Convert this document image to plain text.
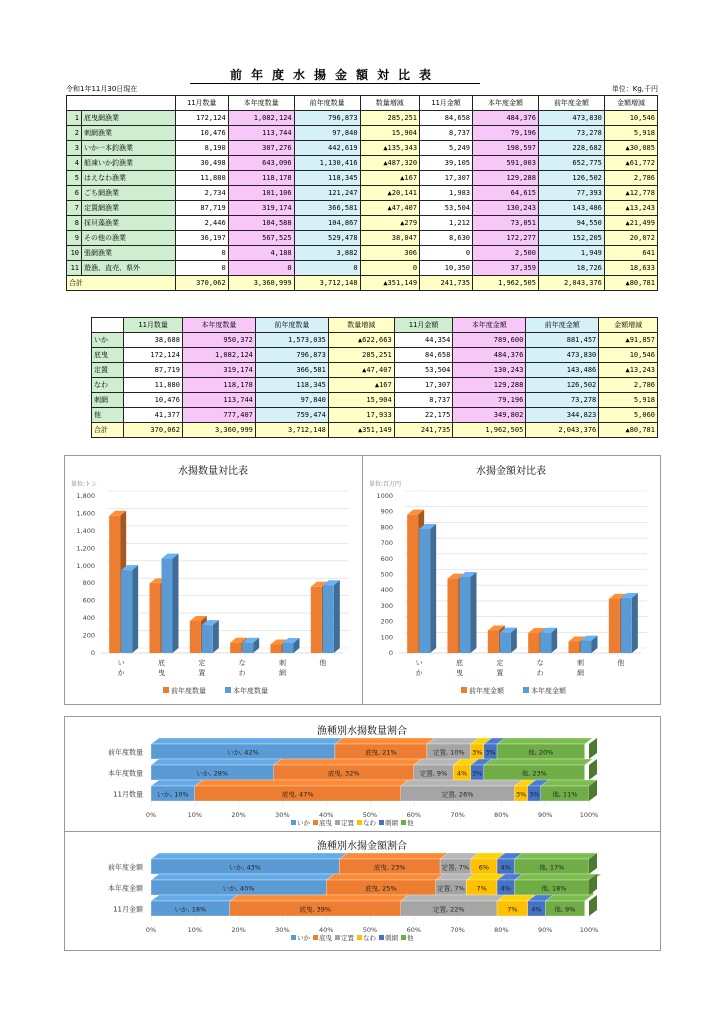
前年度水揚金額対比表
令和1年11月30日現在	単位：Kg,千円
		11月数量	本年度数量	前年度数量	数量増減	11月金額	本年度金額	前年度金額	金額増減
1	底曳網漁業	172,124	1,082,124	796,873	285,251	84,658	484,376	473,830	10,546
2	刺網漁業	10,476	113,744	97,840	15,904	8,737	79,196	73,278	5,918
3	いか一本釣漁業	8,190	307,276	442,619	▲135,343	5,249	198,597	228,682	▲30,085
4	船凍いか釣漁業	30,498	643,096	1,130,416	▲487,320	39,105	591,003	652,775	▲61,772
5	はえなわ漁業	11,880	118,178	118,345	▲167	17,307	129,288	126,502	2,786
6	ごち網漁業	2,734	101,106	121,247	▲20,141	1,983	64,615	77,393	▲12,778
7	定置網漁業	87,719	319,174	366,581	▲47,407	53,504	130,243	143,486	▲13,243
8	採貝藻漁業	2,446	104,588	104,867	▲279	1,212	73,051	94,550	▲21,499
9	その他の漁業	36,197	567,525	529,478	38,047	8,630	172,277	152,205	20,072
10	張網漁業	0	4,188	3,882	306	0	2,500	1,949	641
11	遊漁、直売、県外	0	0	0	0	10,350	37,359	18,726	18,633
合計		370,062	3,360,999	3,712,148	▲351,149	241,735	1,962,505	2,043,376	▲80,781
	11月数量	本年度数量	前年度数量	数量増減	11月金額	本年度金額	前年度金額	金額増減
いか	38,688	950,372	1,573,035	▲622,663	44,354	789,600	881,457	▲91,857
底曳	172,124	1,082,124	796,873	285,251	84,658	484,376	473,830	10,546
定置	87,719	319,174	366,581	▲47,407	53,504	130,243	143,486	▲13,243
なわ	11,880	118,178	118,345	▲167	17,307	129,288	126,502	2,786
刺網	10,476	113,744	97,840	15,904	8,737	79,196	73,278	5,918
他	41,377	777,407	759,474	17,933	22,175	349,802	344,823	5,060
合計	370,062	3,360,999	3,712,148	▲351,149	241,735	1,962,505	2,043,376	▲80,781
水揚数量対比表
単位:トン
0
200
400
600
800
1,000
1,200
1,400
1,600
1,800
い
か
底
曳
定
置
な
わ
刺
網
他
前年度数量	本年度数量
水揚金額対比表
単位:百万円
0
100
200
300
400
500
600
700
800
900
1000
い
か
底
曳
定
置
な
わ
刺
網
他
前年度金額	本年度金額
漁種別水揚数量割合
0%	10%	20%	30%	40%	50%	60%	70%	80%	90%	100%
前年度数量	いか, 42%	底曳, 21%	定置, 10% 3% 3%	他, 20%
本年度数量	いか, 28%	底曳, 32%	定置, 9% 4% 3%	他, 23%
11月数量 いか, 10%	底曳, 47%	定置, 26%	3% 3% 他, 11%
いか 底曳 定置 なわ 刺網 他
漁種別水揚金額割合
0%	10%	20%	30%	40%	50%	60%	70%	80%	90%	100%
前年度金額	いか, 43%	底曳, 23%	定置, 7% 6% 4%	他, 17%
本年度金額	いか, 40%	底曳, 25%	定置, 7% 7% 4%	他, 18%
11月金額	いか, 18%	底曳, 39%	定置, 22%	7% 4% 他, 9%
いか 底曳 定置 なわ 刺網 他
